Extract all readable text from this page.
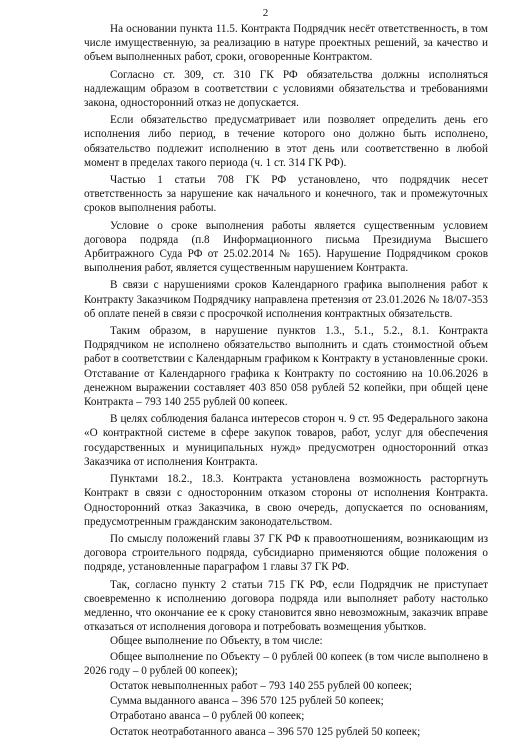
2

На основании пункта 11.5. Контракта Подрядчик несёт ответственность, в том числе имущественную, за реализацию в натуре проектных решений, за качество и объем выполненных работ, сроки, оговоренные Контрактом.

Согласно ст. 309, ст. 310 ГК РФ обязательства должны исполняться надлежащим образом в соответствии с условиями обязательства и требованиями закона, односторонний отказ не допускается.

Если обязательство предусматривает или позволяет определить день его исполнения либо период, в течение которого оно должно быть исполнено, обязательство подлежит исполнению в этот день или соответственно в любой момент в пределах такого периода (ч. 1 ст. 314 ГК РФ).

Частью 1 статьи 708 ГК РФ установлено, что подрядчик несет ответственность за нарушение как начального и конечного, так и промежуточных сроков выполнения работы.

Условие о сроке выполнения работы является существенным условием договора подряда (п.8 Информационного письма Президиума Высшего Арбитражного Суда РФ от 25.02.2014 № 165). Нарушение Подрядчиком сроков выполнения работ, является существенным нарушением Контракта.

В связи с нарушениями сроков Календарного графика выполнения работ к Контракту Заказчиком Подрядчику направлена претензия от 23.01.2026 № 18/07-353 об оплате пеней в связи с просрочкой исполнения контрактных обязательств.

Таким образом, в нарушение пунктов 1.3., 5.1., 5.2., 8.1. Контракта Подрядчиком не исполнено обязательство выполнить и сдать стоимостной объем работ в соответствии с Календарным графиком к Контракту в установленные сроки. Отставание от Календарного графика к Контракту по состоянию на 10.06.2026 в денежном выражении составляет 403 850 058 рублей 52 копейки, при общей цене Контракта – 793 140 255 рублей 00 копеек.

В целях соблюдения баланса интересов сторон ч. 9 ст. 95 Федерального закона «О контрактной системе в сфере закупок товаров, работ, услуг для обеспечения государственных и муниципальных нужд» предусмотрен односторонний отказ Заказчика от исполнения Контракта.

Пунктами 18.2., 18.3. Контракта установлена возможность расторгнуть Контракт в связи с односторонним отказом стороны от исполнения Контракта. Односторонний отказ Заказчика, в свою очередь, допускается по основаниям, предусмотренным гражданским законодательством.

По смыслу положений главы 37 ГК РФ к правоотношениям, возникающим из договора строительного подряда, субсидиарно применяются общие положения о подряде, установленные параграфом 1 главы 37 ГК РФ.

Так, согласно пункту 2 статьи 715 ГК РФ, если Подрядчик не приступает своевременно к исполнению договора подряда или выполняет работу настолько медленно, что окончание ее к сроку становится явно невозможным, заказчик вправе отказаться от исполнения договора и потребовать возмещения убытков.

Общее выполнение по Объекту, в том числе:

Общее выполнение по Объекту – 0 рублей 00 копеек (в том числе выполнено в 2026 году – 0 рублей 00 копеек);

Остаток невыполненных работ – 793 140 255 рублей 00 копеек;

Сумма выданного аванса – 396 570 125 рублей 50 копеек;

Отработано аванса – 0 рублей 00 копеек;

Остаток неотработанного аванса – 396 570 125 рублей 50 копеек;
